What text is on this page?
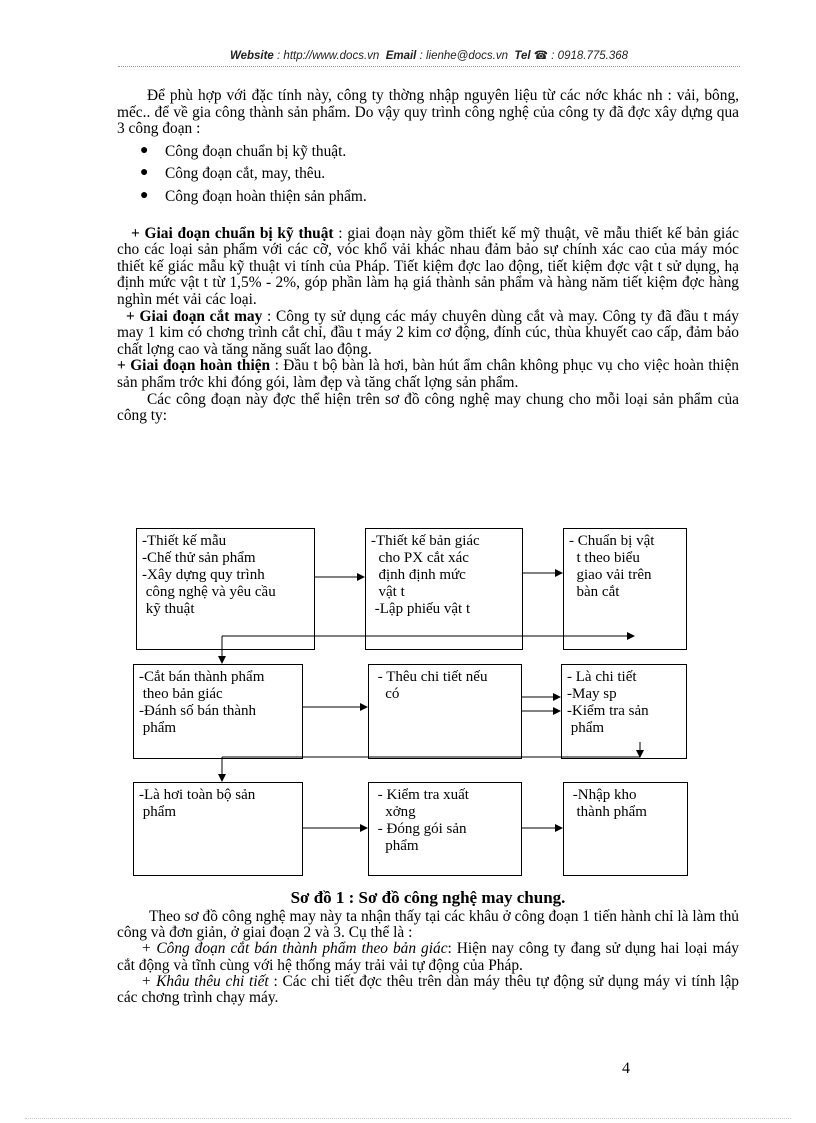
Website : http://www.docs.vn Email : lienhe@docs.vn Tel ☎ : 0918.775.368

Để phù hợp với đặc tính này, công ty thờng nhập nguyên liệu từ các nớc khác nh : vải, bông, mếc.. để về gia công thành sản phẩm. Do vậy quy trình công nghệ của công ty đã đợc xây dựng qua 3 công đoạn :

● Công đoạn chuẩn bị kỹ thuật.
● Công đoạn cắt, may, thêu.
● Công đoạn hoàn thiện sản phẩm.

+ Giai đoạn chuẩn bị kỹ thuật : giai đoạn này gồm thiết kế mỹ thuật, vẽ mẫu thiết kế bản giác cho các loại sản phẩm với các cỡ, vóc khổ vải khác nhau đảm bảo sự chính xác cao của máy móc thiết kế giác mẫu kỹ thuật vi tính của Pháp. Tiết kiệm đợc lao động, tiết kiệm đợc vật t sử dụng, hạ định mức vật t từ 1,5% - 2%, góp phần làm hạ giá thành sản phẩm và hàng năm tiết kiệm đợc hàng nghìn mét vải các loại.

+ Giai đoạn cắt may : Công ty sử dụng các máy chuyên dùng cắt và may. Công ty đã đầu t máy may 1 kim có chơng trình cắt chỉ, đầu t máy 2 kim cơ động, đính cúc, thùa khuyết cao cấp, đảm bảo chất lợng cao và tăng năng suất lao động.

+ Giai đoạn hoàn thiện : Đầu t bộ bàn là hơi, bàn hút ẩm chân không phục vụ cho việc hoàn thiện sản phẩm trớc khi đóng gói, làm đẹp và tăng chất lợng sản phẩm.

Các công đoạn này đợc thể hiện trên sơ đồ công nghệ may chung cho mỗi loại sản phẩm của công ty:

-Thiết kế mẫu
-Chế thử sản phẩm
-Xây dựng quy trình
công nghệ và yêu cầu
kỹ thuật
-Thiết kế bản giác
cho PX cắt xác
định định mức
vật t
-Lập phiếu vật t
- Chuẩn bị vật
t theo biểu
giao vải trên
bàn cắt
-Cắt bán thành phẩm
theo bản giác
-Đánh số bán thành
phẩm
- Thêu chi tiết nếu
có
- Là chi tiết
-May sp
-Kiểm tra sản
phẩm
-Là hơi toàn bộ sản
phẩm
- Kiểm tra xuất
xởng
- Đóng gói sản
phẩm
-Nhập kho
thành phẩm
Sơ đồ 1 : Sơ đồ công nghệ may chung.

Theo sơ đồ công nghệ may này ta nhận thấy tại các khâu ở công đoạn 1 tiến hành chỉ là làm thủ công và đơn giản, ở giai đoạn 2 và 3. Cụ thể là :

+ Công đoạn cắt bán thành phẩm theo bản giác: Hiện nay công ty đang sử dụng hai loại máy cắt động và tĩnh cùng với hệ thống máy trải vải tự động của Pháp.

+ Khâu thêu chi tiết : Các chi tiết đợc thêu trên dàn máy thêu tự động sử dụng máy vi tính lập các chơng trình chạy máy.

4
